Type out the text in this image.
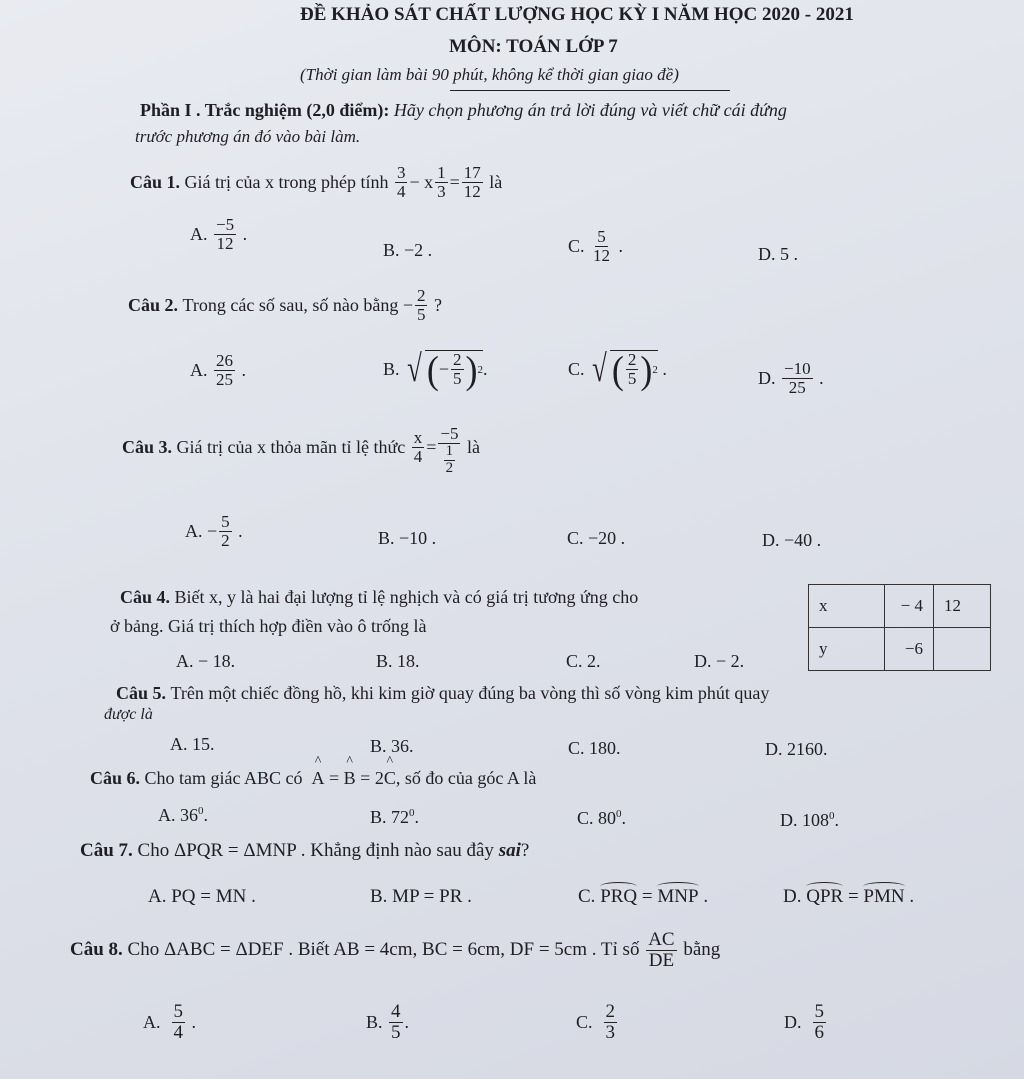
ĐỀ KHẢO SÁT CHẤT LƯỢNG HỌC KỲ I NĂM HỌC 2020 - 2021
MÔN: TOÁN LỚP 7
(Thời gian làm bài 90 phút, không kể thời gian giao đề)
Phần I . Trắc nghiệm (2,0 điểm): Hãy chọn phương án trả lời đúng và viết chữ cái đứng
trước phương án đó vào bài làm.
Câu 1.
Giá trị của x trong phép tính
$\frac{3}{4} - x \frac{1}{3} = \frac{17}{12}$
là
A.
$\frac{-5}{12}$ .
B. −2 .	C.
$\frac{5}{12}$ .	D. 5 .
Câu 2.
Trong các số sau, số nào bằng
− $\frac{2}{5}$
?
A.
$\frac{26}{25}$ .	B.
√ ( − $\frac{2}{5}$ ) 2 .	C.
√ ( $\frac{2}{5}$ ) 2 .	D.
$\frac{-10}{25}$ .
Câu 3. Giá trị của x thỏa mãn tỉ lệ thức $\frac{x}{4} = \frac{-5}{\frac{1}{2}}$ là
A. − $\frac{5}{2}$ .	B. −10 .	C. −20 .	D. −40 .
Câu 4. Biết x, y là hai đại lượng tỉ lệ nghịch và có giá trị tương ứng cho
ở bảng. Giá trị thích hợp điền vào ô trống là
A. − 18.	B. 18.	C. 2.	D. − 2.
x	− 4	12
y	−6	
Câu 5. Trên một chiếc đồng hồ, khi kim giờ quay đúng ba vòng thì số vòng kim phút quay
được là
A. 15.	B. 36.	C. 180.	D. 2160.
Câu 6. Cho tam giác ABC có ^ A = ^ B = 2^ C, số đo của góc A là
A. $36^0$.	B. $72^0$.	C. $80^0$.	D. $108^0$.
Câu 7. Cho ΔPQR = ΔMNP . Khẳng định nào sau đây sai?
A. PQ = MN .	B. MP = PR .	C. PRQ = MNP .	D. QPR = PMN .
Câu 8.
Cho ΔABC = ΔDEF . Biết AB = 4cm, BC = 6cm, DF = 5cm . Tỉ số
$\frac{AC}{DE}$
bằng
A.
$\frac{5}{4}$ .	B.
$\frac{4}{5}$ .	C.
$\frac{2}{3}$	D.
$\frac{5}{6}$
